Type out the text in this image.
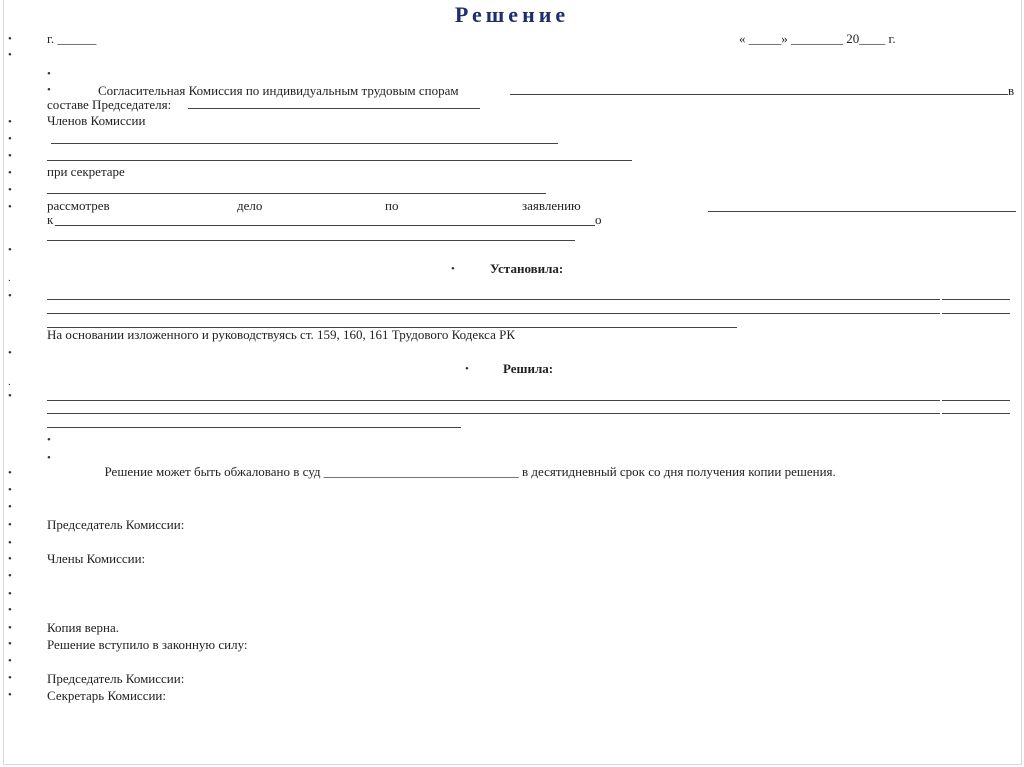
Решение
•
•
•
•
•
•
•
•
•
•
•
•
•
•
•
•
•
•
•
•
•
•
•
•
•
•
.
.
г. ______	« _____» ________ 20____ г.
•
•	Согласительная Комиссия по индивидуальным трудовым спорам	в
составе Председателя:
Членов Комиссии
при секретаре
рассмотрев	дело	по	заявлению
к	о
•	Установила:
На основании изложенного и руководствуясь ст. 159, 160, 161 Трудового Кодекса РК
•	Решила:
•
•

Решение может быть обжаловано в суд ______________________________ в десятидневный срок со дня получения копии решения.

Председатель Комиссии:
Члены Комиссии:
Копия верна.
Решение вступило в законную силу:
Председатель Комиссии:
Секретарь Комиссии:
